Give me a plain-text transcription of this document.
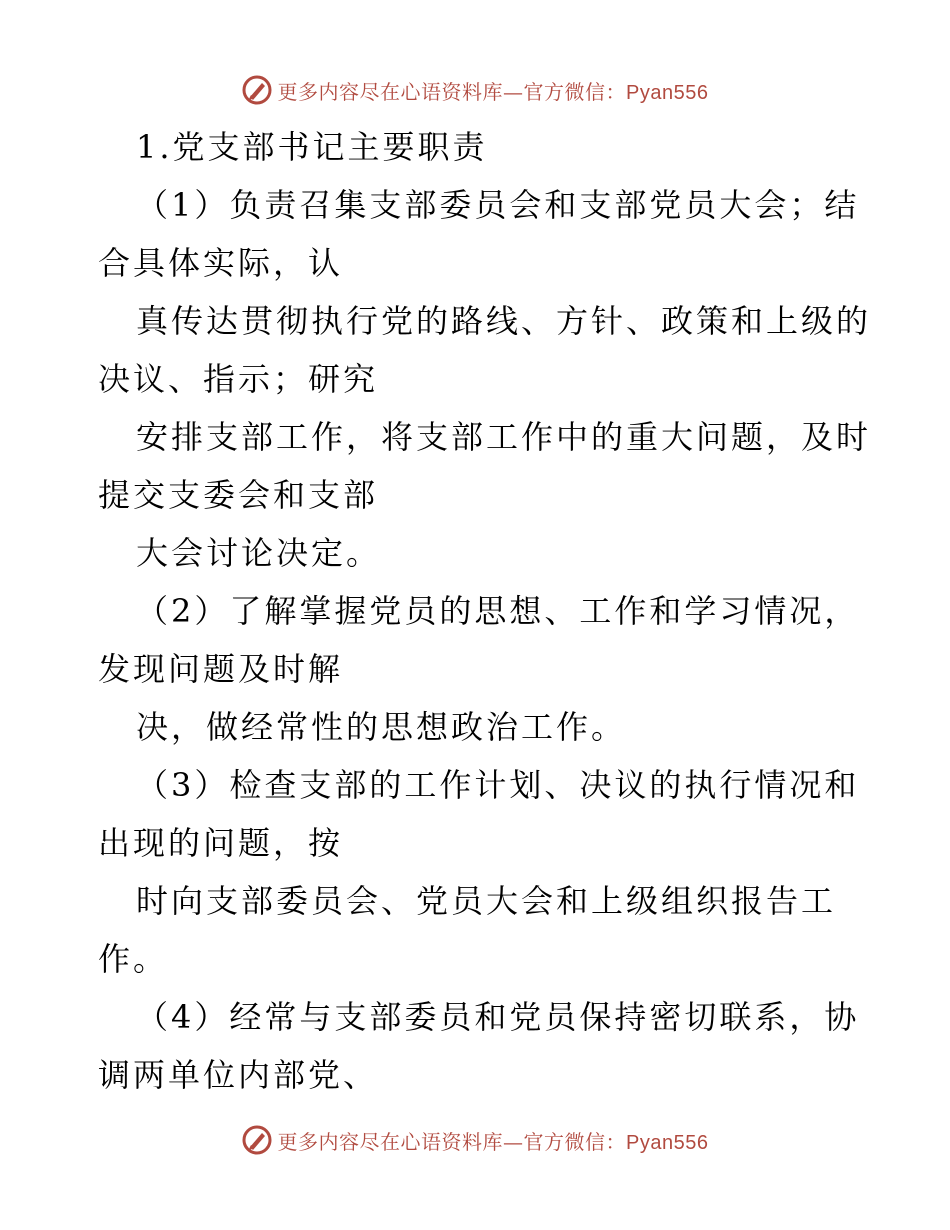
更多内容尽在心语资料库—官方微信：Pyan556
1.党支部书记主要职责
（1）负责召集支部委员会和支部党员大会；结
合具体实际，认
真传达贯彻执行党的路线、方针、政策和上级的
决议、指示；研究
安排支部工作，将支部工作中的重大问题，及时
提交支委会和支部
大会讨论决定。
（2）了解掌握党员的思想、工作和学习情况，
发现问题及时解
决，做经常性的思想政治工作。
（3）检查支部的工作计划、决议的执行情况和
出现的问题，按
时向支部委员会、党员大会和上级组织报告工
作。
（4）经常与支部委员和党员保持密切联系，协
调两单位内部党、
更多内容尽在心语资料库—官方微信：Pyan556
